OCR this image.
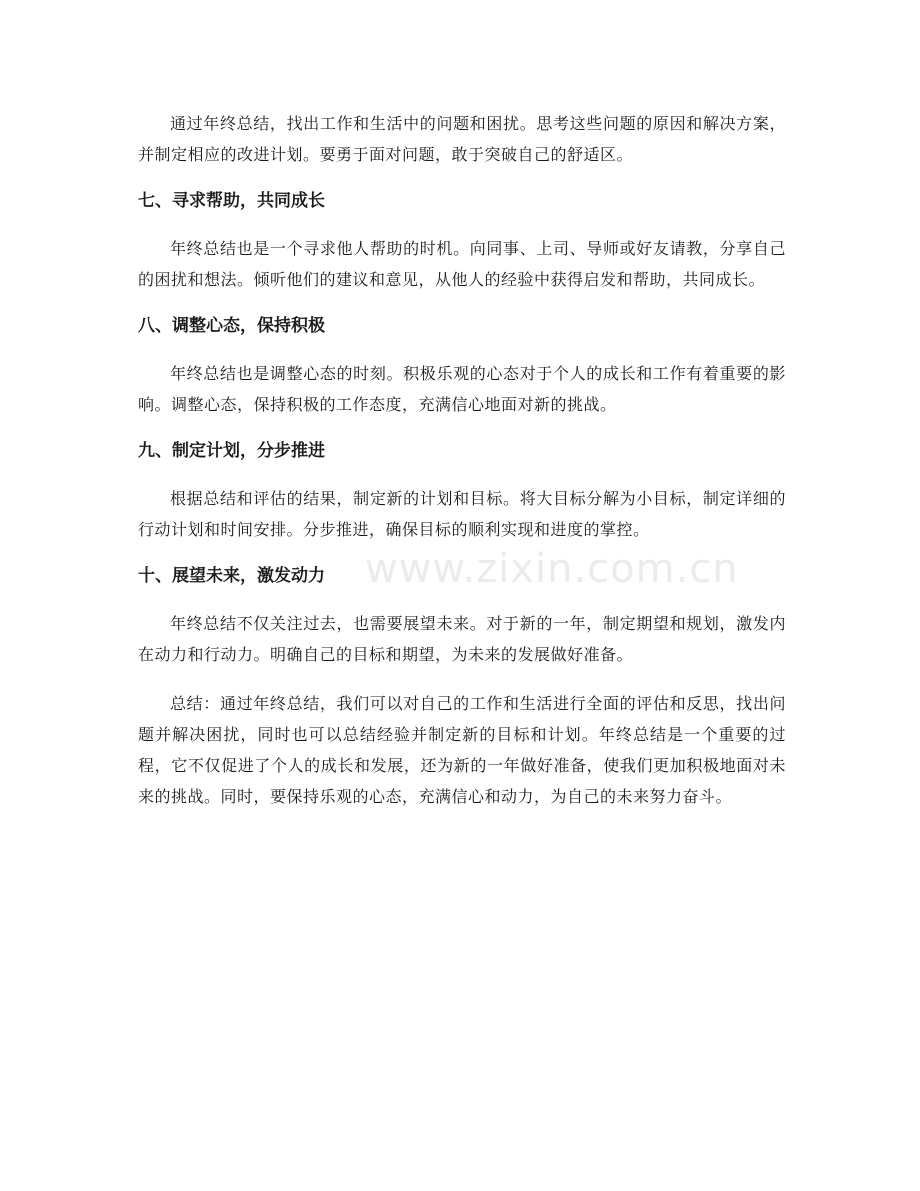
通过年终总结，找出工作和生活中的问题和困扰。思考这些问题的原因和解决方案，并制定相应的改进计划。要勇于面对问题，敢于突破自己的舒适区。

七、寻求帮助，共同成长

年终总结也是一个寻求他人帮助的时机。向同事、上司、导师或好友请教，分享自己的困扰和想法。倾听他们的建议和意见，从他人的经验中获得启发和帮助，共同成长。

八、调整心态，保持积极

年终总结也是调整心态的时刻。积极乐观的心态对于个人的成长和工作有着重要的影响。调整心态，保持积极的工作态度，充满信心地面对新的挑战。

九、制定计划，分步推进

根据总结和评估的结果，制定新的计划和目标。将大目标分解为小目标，制定详细的行动计划和时间安排。分步推进，确保目标的顺利实现和进度的掌控。

十、展望未来，激发动力

年终总结不仅关注过去，也需要展望未来。对于新的一年，制定期望和规划，激发内在动力和行动力。明确自己的目标和期望，为未来的发展做好准备。

总结：通过年终总结，我们可以对自己的工作和生活进行全面的评估和反思，找出问题并解决困扰，同时也可以总结经验并制定新的目标和计划。年终总结是一个重要的过程，它不仅促进了个人的成长和发展，还为新的一年做好准备，使我们更加积极地面对未来的挑战。同时，要保持乐观的心态，充满信心和动力，为自己的未来努力奋斗。

www.zixin.com.cn
